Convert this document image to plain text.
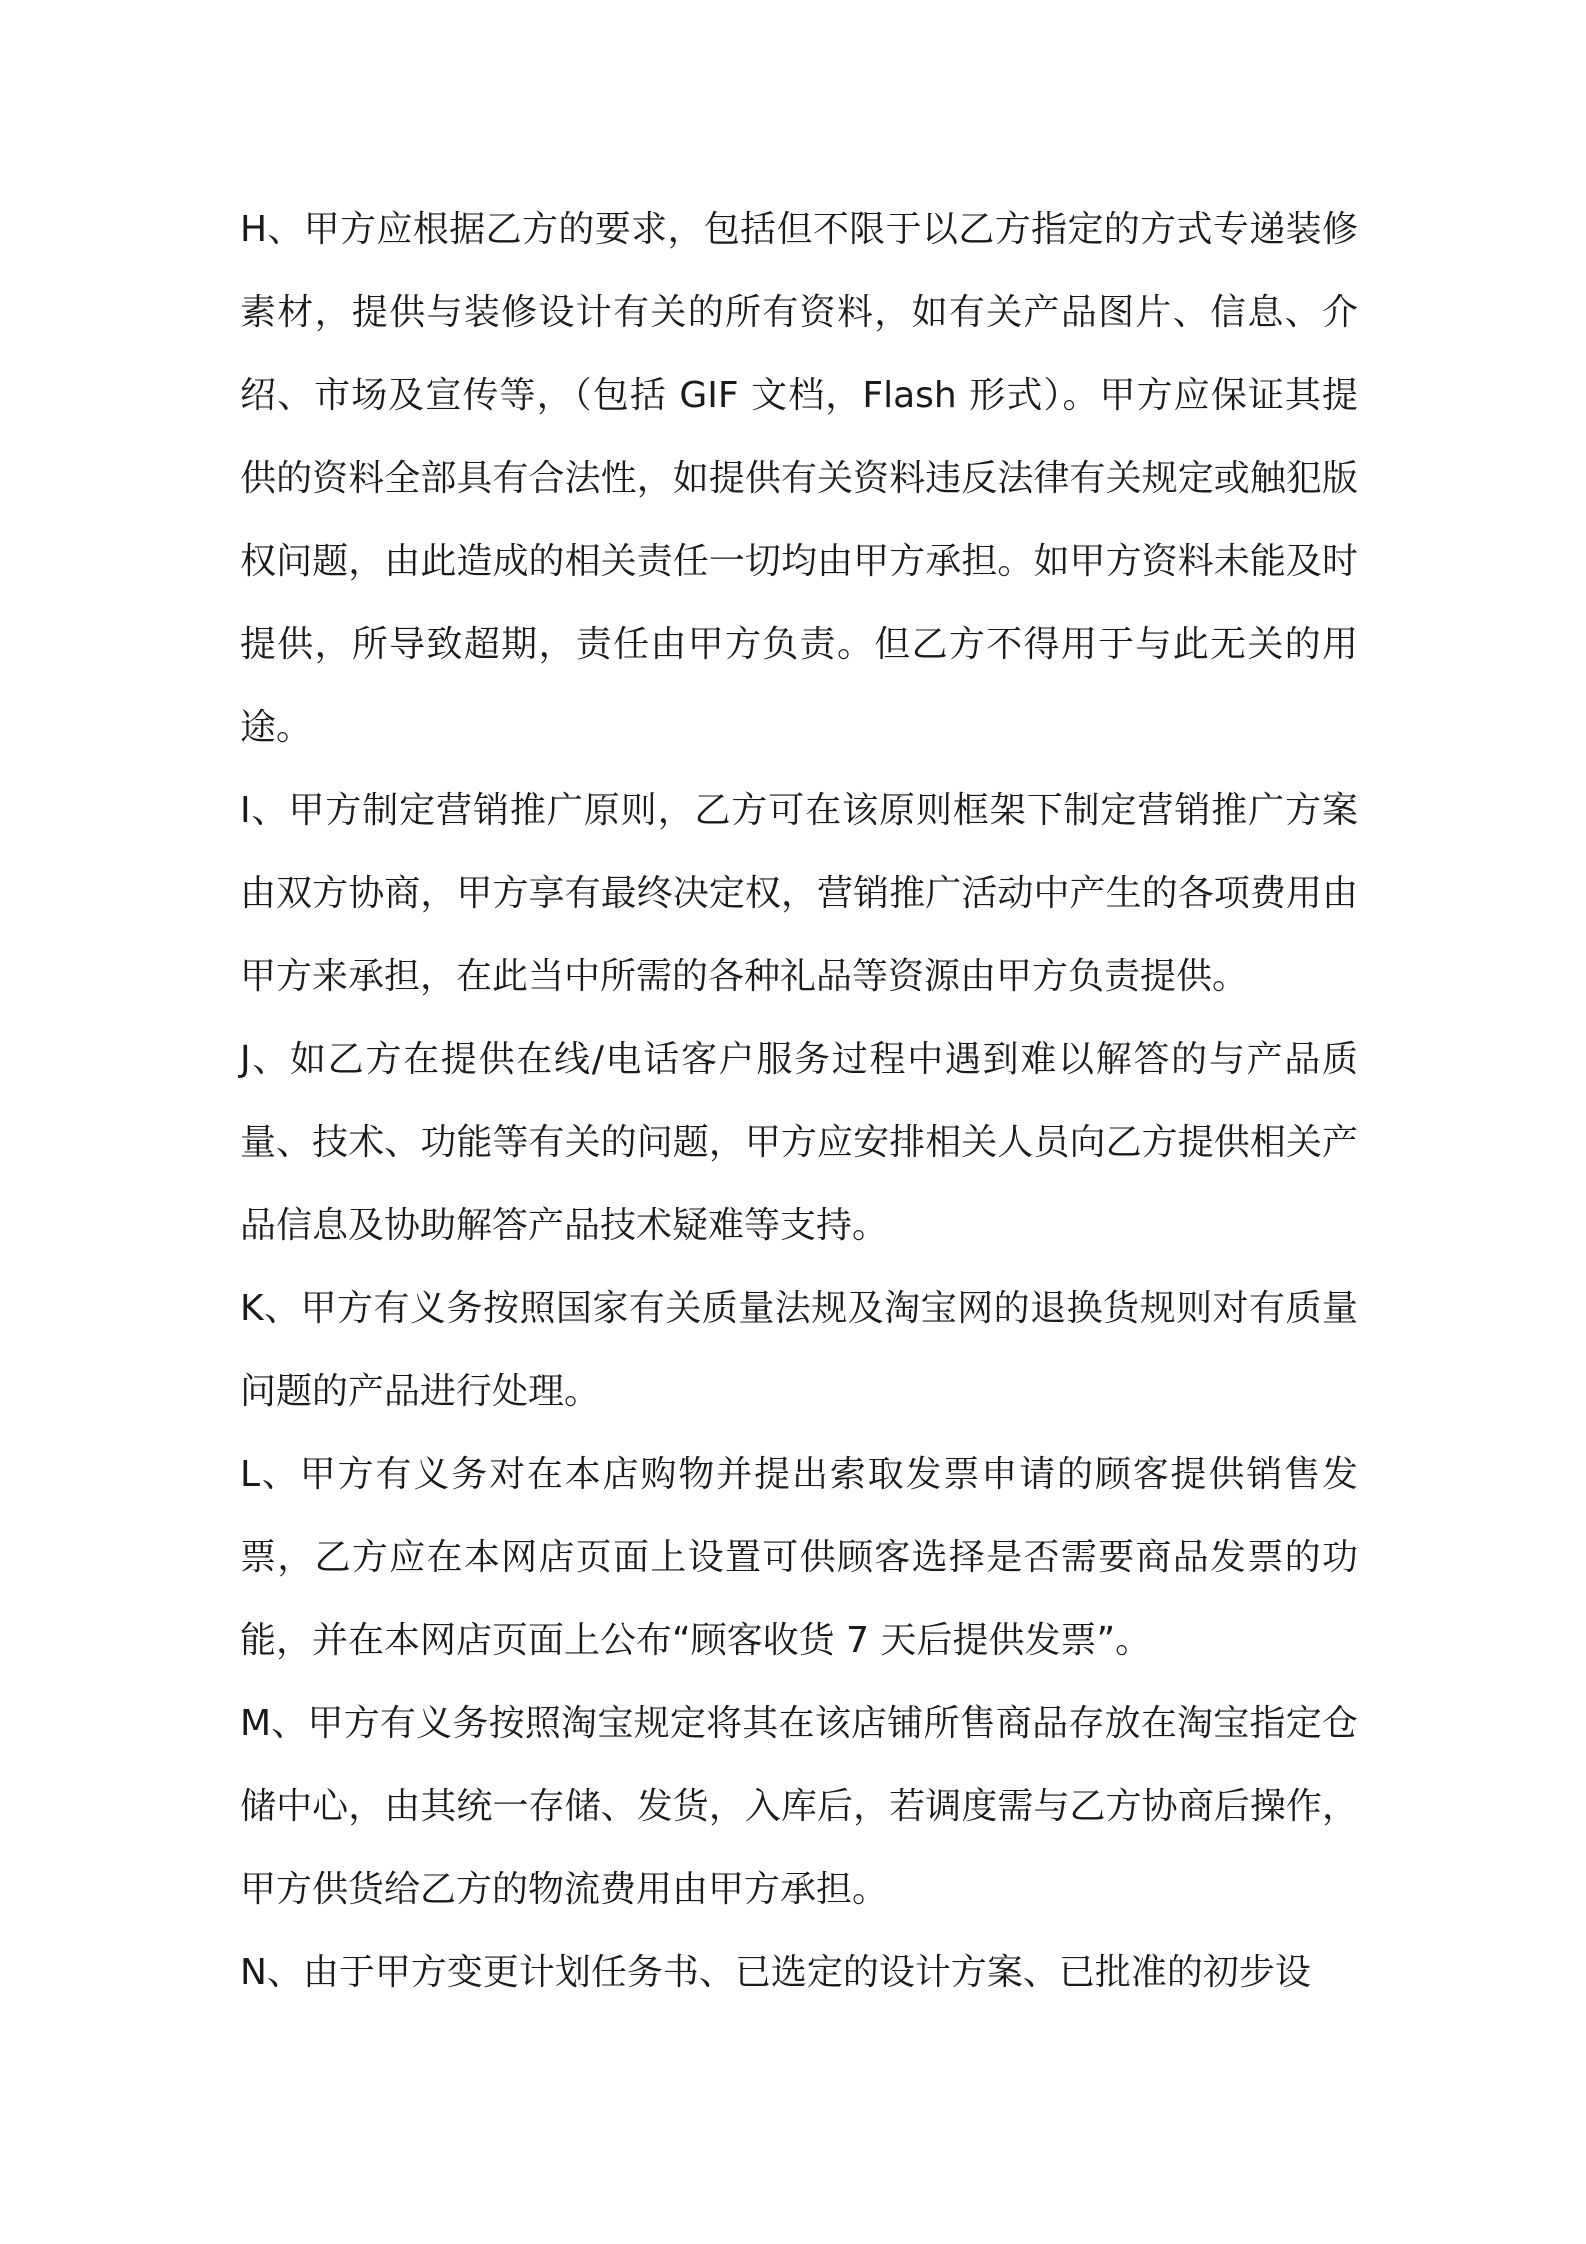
H、甲方应根据乙方的要求，包括但不限于以乙方指定的方式专递装修素材，提供与装修设计有关的所有资料，如有关产品图片、信息、介绍、市场及宣传等，（包括 GIF 文档，Flash 形式）。甲方应保证其提供的资料全部具有合法性，如提供有关资料违反法律有关规定或触犯版权问题，由此造成的相关责任一切均由甲方承担。如甲方资料未能及时提供，所导致超期，责任由甲方负责。但乙方不得用于与此无关的用途。

I、甲方制定营销推广原则，乙方可在该原则框架下制定营销推广方案由双方协商，甲方享有最终决定权，营销推广活动中产生的各项费用由甲方来承担，在此当中所需的各种礼品等资源由甲方负责提供。

J、如乙方在提供在线/电话客户服务过程中遇到难以解答的与产品质量、技术、功能等有关的问题，甲方应安排相关人员向乙方提供相关产品信息及协助解答产品技术疑难等支持。

K、甲方有义务按照国家有关质量法规及淘宝网的退换货规则对有质量问题的产品进行处理。

L、甲方有义务对在本店购物并提出索取发票申请的顾客提供销售发票，乙方应在本网店页面上设置可供顾客选择是否需要商品发票的功能，并在本网店页面上公布“顾客收货 7 天后提供发票”。

M、甲方有义务按照淘宝规定将其在该店铺所售商品存放在淘宝指定仓储中心，由其统一存储、发货，入库后，若调度需与乙方协商后操作，甲方供货给乙方的物流费用由甲方承担。

N、由于甲方变更计划任务书、已选定的设计方案、已批准的初步设
